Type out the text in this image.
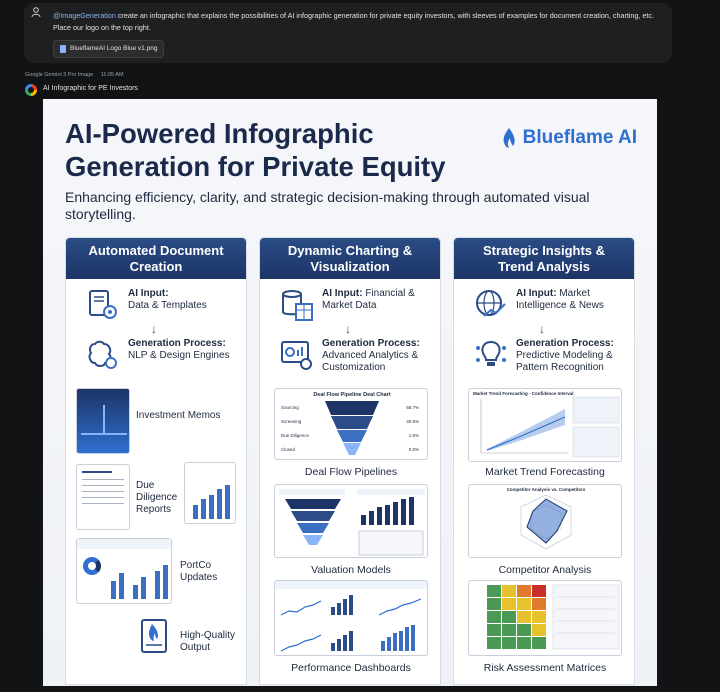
@ImageGeneration create an infographic that explains the possibilities of AI infographic generation for private equity investors, with sleeves of examples for document creation, charting, etc. Place our logo on the top right.
BlueflameAI Logo Blue v1.png
Google Gemini 3 Pro Image 11:05 AM
AI Infographic for PE Investors
AI-Powered Infographic Generation for Private Equity
Blueflame AI
Enhancing efficiency, clarity, and strategic decision-making through automated visual storytelling.
Automated Document Creation
AI Input:
Data & Templates
↓
Generation Process:
NLP & Design Engines
Investment Memos
Due Diligence Reports
PortCo Updates
High-Quality Output
Dynamic Charting & Visualization
AI Input: Financial & Market Data
↓
Generation Process:
Advanced Analytics & Customization
Deal Flow Pipeline Deal Chart
Sourcing
Screening
Due Diligence
Closed
58.7%
30.5%
1.5%
0.5%
Deal Flow Pipelines
Valuation Models
Performance Dashboards
Strategic Insights & Trend Analysis
AI Input: Market Intelligence & News
↓
Generation Process:
Predictive Modeling & Pattern Recognition
Market Trend Forecasting - Confidence Interval
Market Trend Forecasting
Competitor Analysis vs. Competitors
Competitor Analysis
Risk Assessment Matrices
